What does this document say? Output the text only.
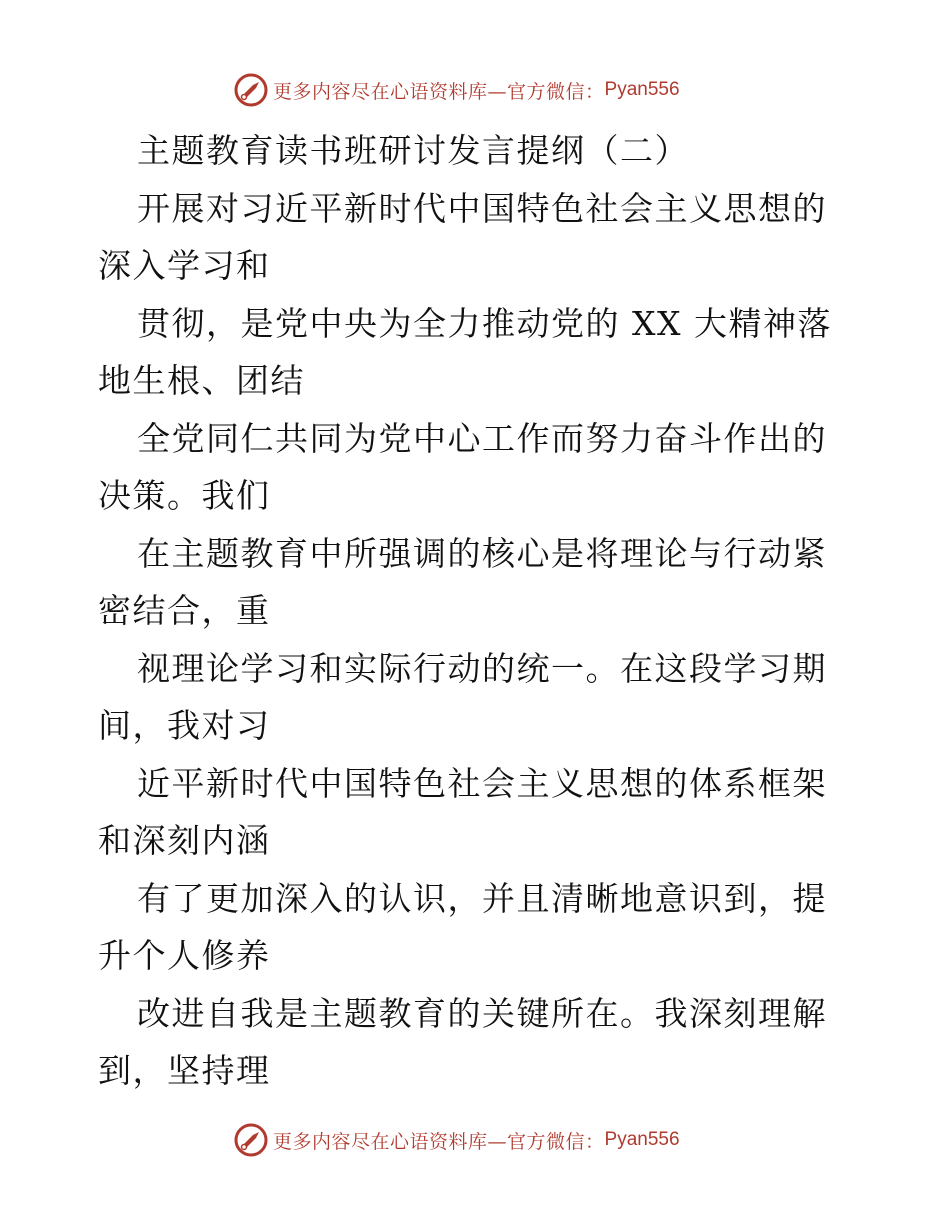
更多内容尽在心语资料库—官方微信： Pyan556

主题教育读书班研讨发言提纲（二）

开展对习近平新时代中国特色社会主义思想的深入学习和

贯彻，是党中央为全力推动党的 XX 大精神落地生根、团结

全党同仁共同为党中心工作而努力奋斗作出的决策。我们

在主题教育中所强调的核心是将理论与行动紧密结合，重

视理论学习和实际行动的统一。在这段学习期间，我对习

近平新时代中国特色社会主义思想的体系框架和深刻内涵

有了更加深入的认识，并且清晰地意识到，提升个人修养

改进自我是主题教育的关键所在。我深刻理解到，坚持理

更多内容尽在心语资料库—官方微信： Pyan556
